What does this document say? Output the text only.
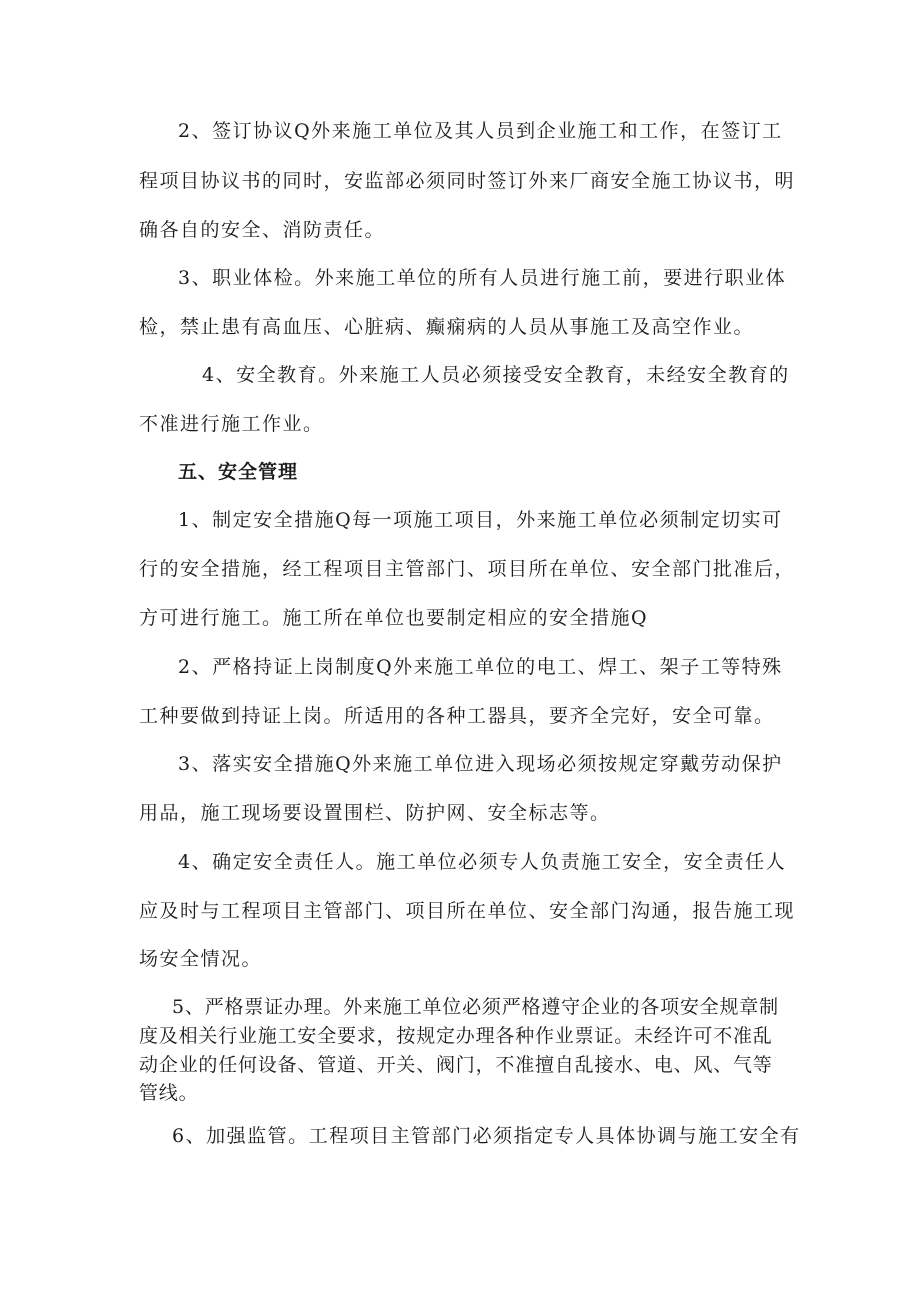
2、签订协议Q外来施工单位及其人员到企业施工和工作，在签订工
程项目协议书的同时，安监部必须同时签订外来厂商安全施工协议书，明
确各自的安全、消防责任。
3、职业体检。外来施工单位的所有人员进行施工前，要进行职业体
检，禁止患有高血压、心脏病、癫痫病的人员从事施工及高空作业。
4、安全教育。外来施工人员必须接受安全教育，未经安全教育的
不准进行施工作业。
五、安全管理
1、制定安全措施Q每一项施工项目，外来施工单位必须制定切实可
行的安全措施，经工程项目主管部门、项目所在单位、安全部门批准后，
方可进行施工。施工所在单位也要制定相应的安全措施Q
2、严格持证上岗制度Q外来施工单位的电工、焊工、架子工等特殊
工种要做到持证上岗。所适用的各种工器具，要齐全完好，安全可靠。
3、落实安全措施Q外来施工单位进入现场必须按规定穿戴劳动保护
用品，施工现场要设置围栏、防护网、安全标志等。
4、确定安全责任人。施工单位必须专人负责施工安全，安全责任人
应及时与工程项目主管部门、项目所在单位、安全部门沟通，报告施工现
场安全情况。
5、严格票证办理。外来施工单位必须严格遵守企业的各项安全规章制
度及相关行业施工安全要求，按规定办理各种作业票证。未经许可不准乱
动企业的任何设备、管道、开关、阀门，不准擅自乱接水、电、风、气等
管线。
6、加强监管。工程项目主管部门必须指定专人具体协调与施工安全有
